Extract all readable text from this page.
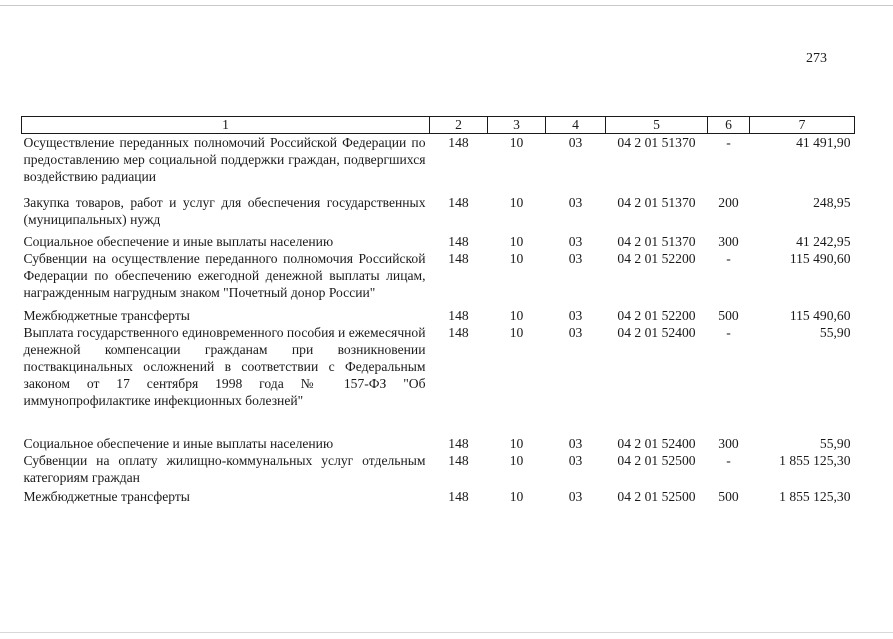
273
1	2	3	4	5	6	7
Осуществление переданных полномочий Российской Федерации по предоставлению мер социальной поддержки граждан, подвергшихся воздействию радиации	148	10	03	04 2 01 51370	-	41 491,90
Закупка товаров, работ и услуг для обеспечения государственных (муниципальных) нужд	148	10	03	04 2 01 51370	200	248,95
Социальное обеспечение и иные выплаты населению	148	10	03	04 2 01 51370	300	41 242,95
Субвенции на осуществление переданного полномочия Российской Федерации по обеспечению ежегодной денежной выплаты лицам, награжденным нагрудным знаком "Почетный донор России"	148	10	03	04 2 01 52200	-	115 490,60
Межбюджетные трансферты	148	10	03	04 2 01 52200	500	115 490,60
Выплата государственного единовременного пособия и ежемесячной денежной компенсации гражданам при возникновении поствакцинальных осложнений в соответствии с Федеральным законом от 17 сентября 1998 года № 157-ФЗ "Об иммунопрофилактике инфекционных болезней"	148	10	03	04 2 01 52400	-	55,90
Социальное обеспечение и иные выплаты населению	148	10	03	04 2 01 52400	300	55,90
Субвенции на оплату жилищно-коммунальных услуг отдельным категориям граждан	148	10	03	04 2 01 52500	-	1 855 125,30
Межбюджетные трансферты	148	10	03	04 2 01 52500	500	1 855 125,30
